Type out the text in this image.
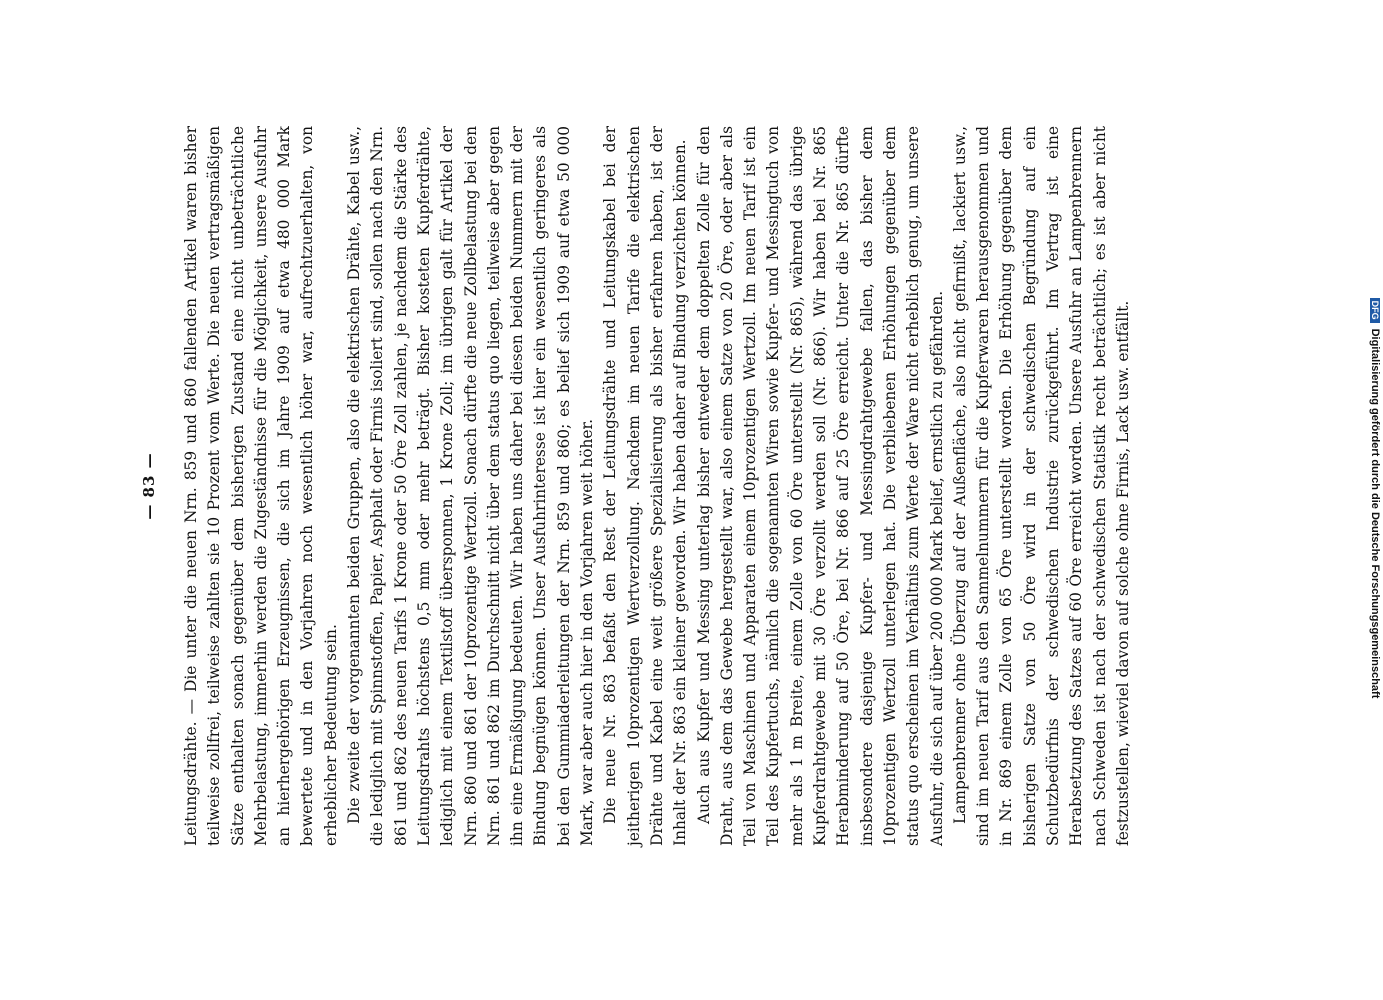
— 83 —	Leitungsdrähte. — Die unter die neuen Nrn. 859 und 860 fallenden Artikel waren bisher teilweise zollfrei, teilweise zahlten sie 10 Prozent vom Werte. Die neuen vertragsmäßigen Sätze enthalten sonach gegenüber dem bisherigen Zustand eine nicht unbeträchtliche Mehrbelastung, immerhin werden die Zugeständnisse für die Möglichkeit, unsere Ausfuhr an hierhergehörigen Erzeugnissen, die sich im Jahre 1909 auf etwa 480 000 Mark bewertete und in den Vorjahren noch wesentlich höher war, aufrechtzuerhalten, von erheblicher Bedeutung sein. Die zweite der vorgenannten beiden Gruppen, also die elektrischen Drähte, Kabel usw., die lediglich mit Spinnstoffen, Papier, Asphalt oder Firnis isoliert sind, sollen nach den Nrn. 861 und 862 des neuen Tarifs 1 Krone oder 50 Öre Zoll zahlen, je nachdem die Stärke des Leitungsdrahts höchstens 0,5 mm oder mehr beträgt. Bisher kosteten Kupferdrähte, lediglich mit einem Textilstoff übersponnen, 1 Krone Zoll; im übrigen galt für Artikel der Nrn. 860 und 861 der 10prozentige Wertzoll. Sonach dürfte die neue Zollbelastung bei den Nrn. 861 und 862 im Durchschnitt nicht über dem status quo liegen, teilweise aber gegen ihn eine Ermäßigung bedeuten. Wir haben uns daher bei diesen beiden Nummern mit der Bindung begnügen können. Unser Ausfuhrinteresse ist hier ein wesentlich geringeres als bei den Gummiaderleitungen der Nrn. 859 und 860; es belief sich 1909 auf etwa 50 000 Mark, war aber auch hier in den Vorjahren weit höher. Die neue Nr. 863 befaßt den Rest der Leitungsdrähte und Leitungskabel bei der jeitherigen 10prozentigen Wertverzollung. Nachdem im neuen Tarife die elektrischen Drähte und Kabel eine weit größere Spezialisierung als bisher erfahren haben, ist der Inhalt der Nr. 863 ein kleiner geworden. Wir haben daher auf Bindung verzichten können. Auch aus Kupfer und Messing unterlag bisher entweder dem doppelten Zolle für den Draht, aus dem das Gewebe hergestellt war, also einem Satze von 20 Öre, oder aber als Teil von Maschinen und Apparaten einem 10prozentigen Wertzoll. Im neuen Tarif ist ein Teil des Kupfertuchs, nämlich die sogenannten Wiren sowie Kupfer- und Messingtuch von mehr als 1 m Breite, einem Zolle von 60 Öre unterstellt (Nr. 865), während das übrige Kupferdrahtgewebe mit 30 Öre verzollt werden soll (Nr. 866). Wir haben bei Nr. 865 Herabminderung auf 50 Öre, bei Nr. 866 auf 25 Öre erreicht. Unter die Nr. 865 dürfte insbesondere dasjenige Kupfer- und Messingdrahtgewebe fallen, das bisher dem 10prozentigen Wertzoll unterlegen hat. Die verbliebenen Erhöhungen gegenüber dem status quo erscheinen im Verhältnis zum Werte der Ware nicht erheblich genug, um unsere Ausfuhr, die sich auf über 200 000 Mark belief, ernstlich zu gefährden. Lampenbrenner ohne Überzug auf der Außenfläche, also nicht gefirnißt, lackiert usw., sind im neuen Tarif aus den Sammelnummern für die Kupferwaren herausgenommen und in Nr. 869 einem Zolle von 65 Öre unterstellt worden. Die Erhöhung gegenüber dem bisherigen Satze von 50 Öre wird in der schwedischen Begründung auf ein Schutzbedürfnis der schwedischen Industrie zurückgeführt. Im Vertrag ist eine Herabsetzung des Satzes auf 60 Öre erreicht worden. Unsere Ausfuhr an Lampenbrennern nach Schweden ist nach der schwedischen Statistik recht beträchtlich; es ist aber nicht festzustellen, wieviel davon auf solche ohne Firnis, Lack usw. entfällt.	DFGDigitalisierung gefördert durch die Deutsche Forschungsgemeinschaft
